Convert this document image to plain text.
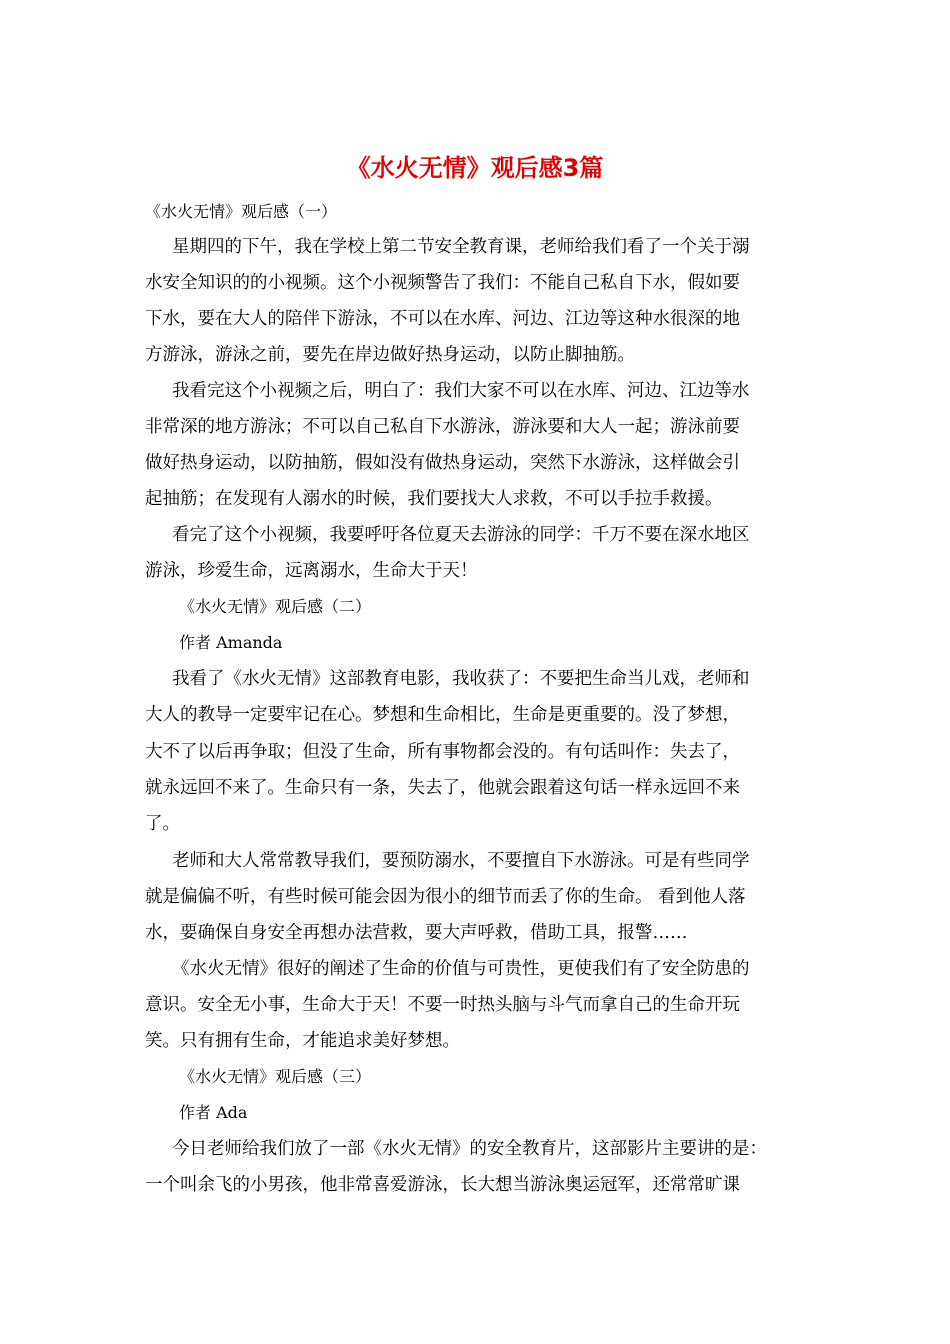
《水火无情》观后感3篇

《水火无情》观后感（一）

星期四的下午，我在学校上第二节安全教育课，老师给我们看了一个关于溺

水安全知识的的小视频。这个小视频警告了我们：不能自己私自下水，假如要

下水，要在大人的陪伴下游泳，不可以在水库、河边、江边等这种水很深的地

方游泳，游泳之前，要先在岸边做好热身运动，以防止脚抽筋。

我看完这个小视频之后，明白了：我们大家不可以在水库、河边、江边等水

非常深的地方游泳；不可以自己私自下水游泳，游泳要和大人一起；游泳前要

做好热身运动，以防抽筋，假如没有做热身运动，突然下水游泳，这样做会引

起抽筋；在发现有人溺水的时候，我们要找大人求救，不可以手拉手救援。

看完了这个小视频，我要呼吁各位夏天去游泳的同学：千万不要在深水地区

游泳，珍爱生命，远离溺水，生命大于天！

《水火无情》观后感（二）

作者 Amanda

我看了《水火无情》这部教育电影，我收获了：不要把生命当儿戏，老师和

大人的教导一定要牢记在心。梦想和生命相比，生命是更重要的。没了梦想，

大不了以后再争取；但没了生命，所有事物都会没的。有句话叫作：失去了，

就永远回不来了。生命只有一条，失去了，他就会跟着这句话一样永远回不来

了。

老师和大人常常教导我们，要预防溺水，不要擅自下水游泳。可是有些同学

就是偏偏不听，有些时候可能会因为很小的细节而丢了你的生命。 看到他人落

水，要确保自身安全再想办法营救，要大声呼救，借助工具，报警……

《水火无情》很好的阐述了生命的价值与可贵性，更使我们有了安全防患的

意识。安全无小事，生命大于天！不要一时热头脑与斗气而拿自己的生命开玩

笑。只有拥有生命，才能追求美好梦想。

《水火无情》观后感（三）

作者 Ada

今日老师给我们放了一部《水火无情》的安全教育片，这部影片主要讲的是：

一个叫余飞的小男孩，他非常喜爱游泳，长大想当游泳奥运冠军，还常常旷课
